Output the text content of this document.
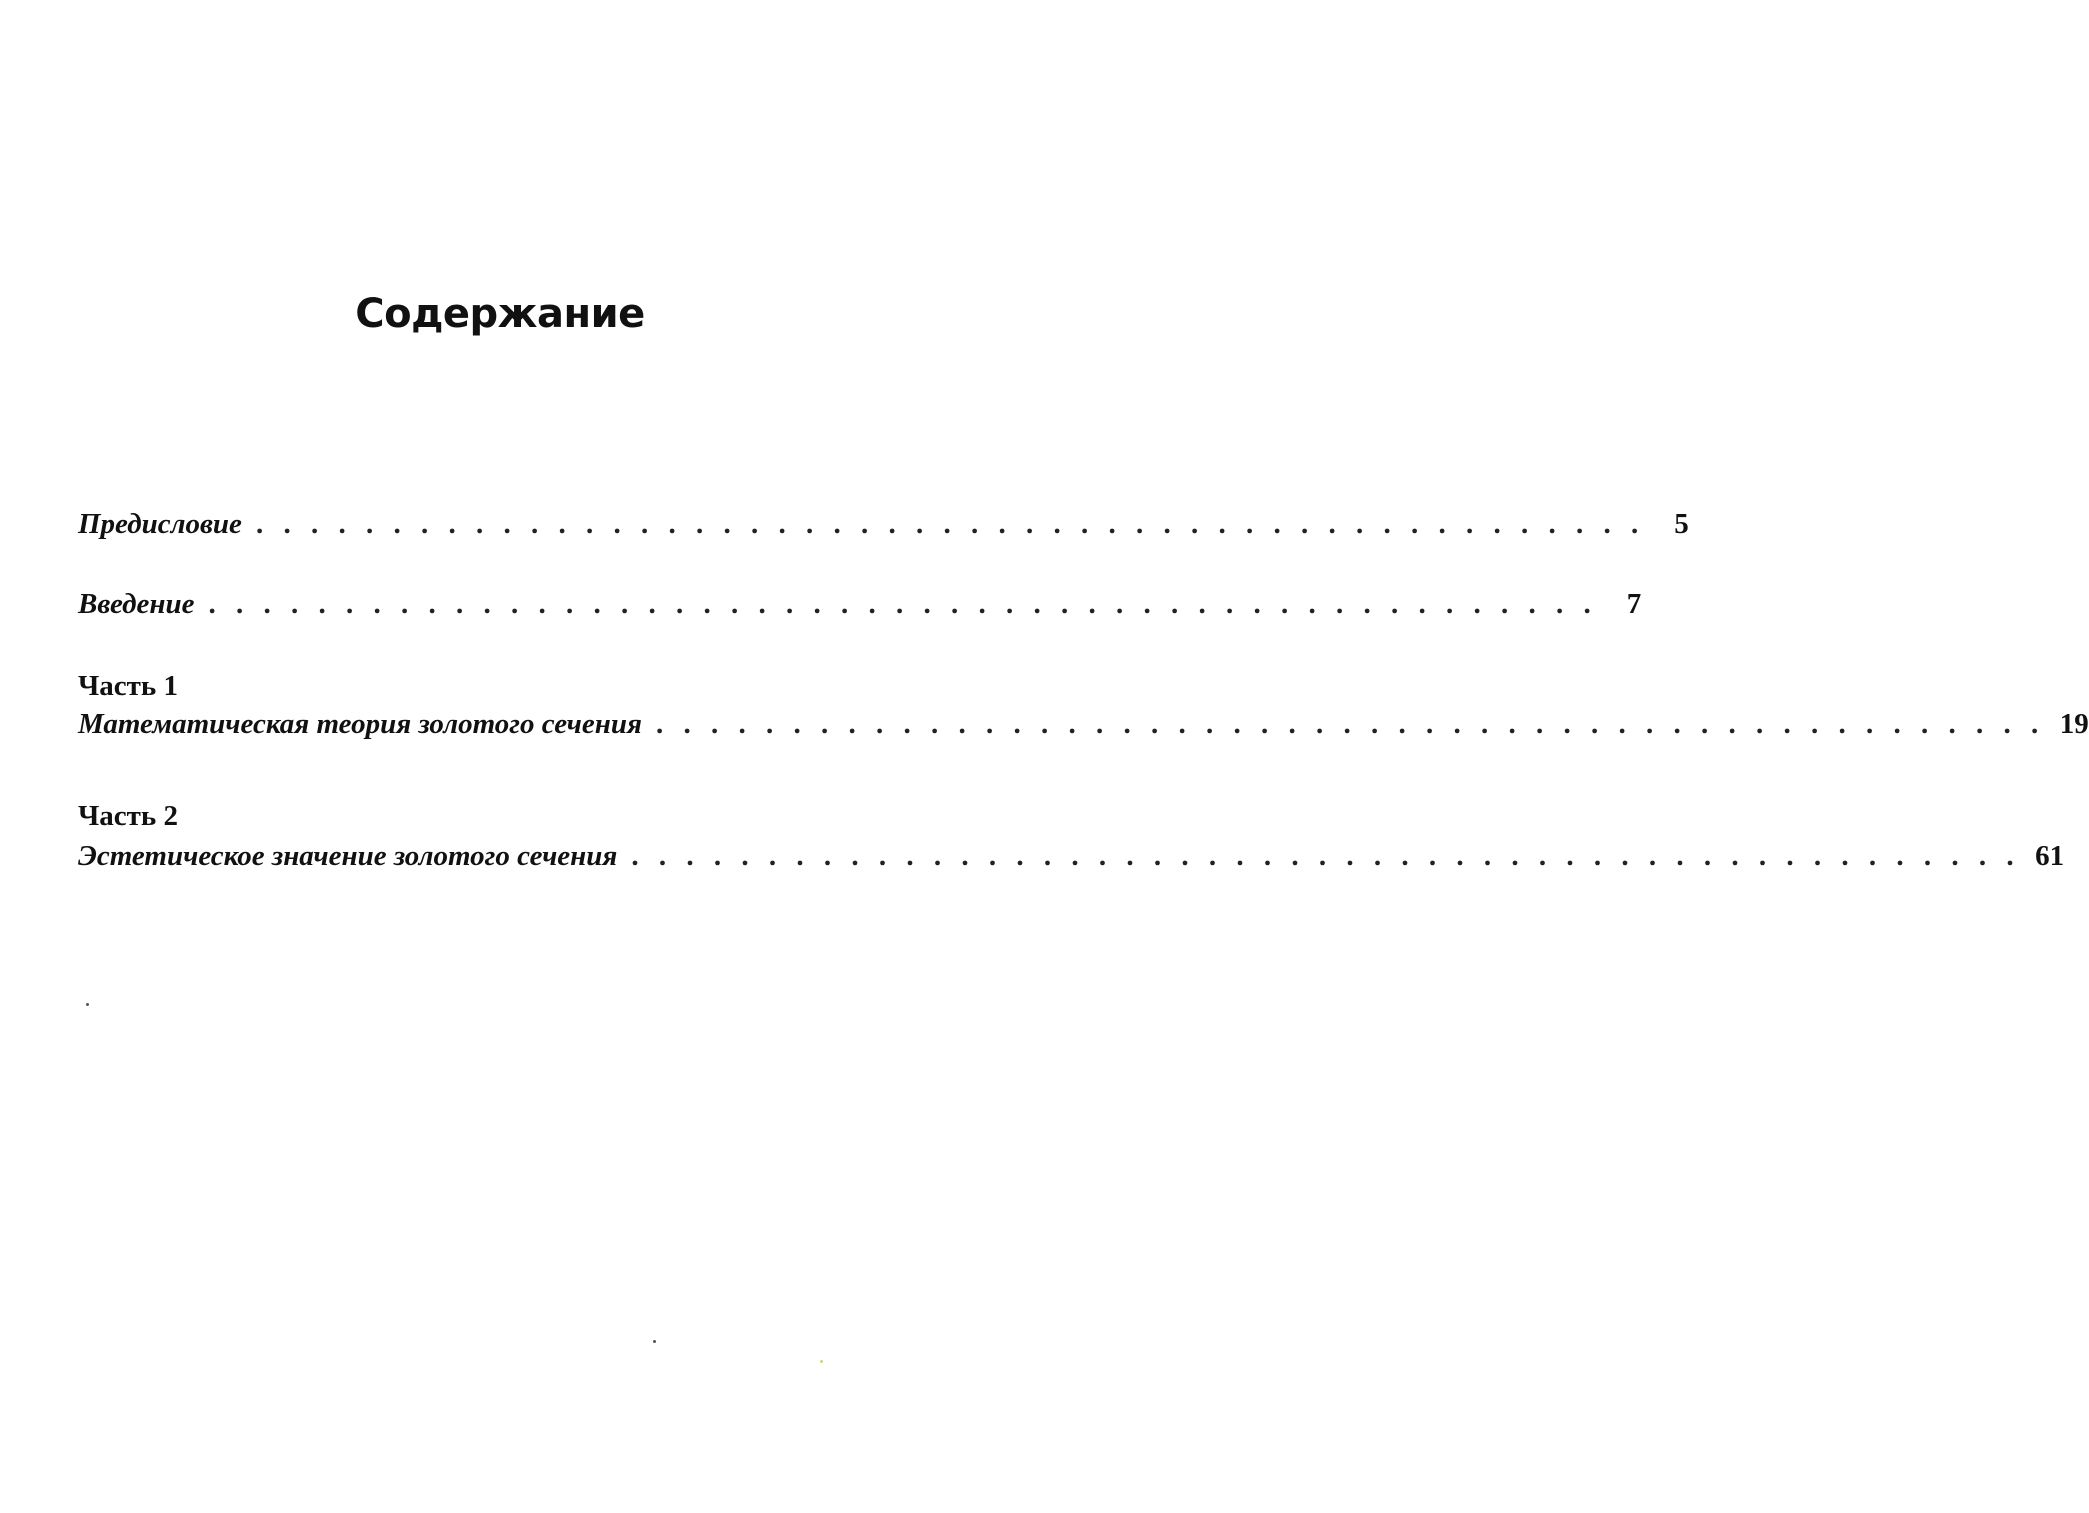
Содержание
Предисловие . . . . . . . . . . . . . . . . . . . . . . . . . . . . . . . . . . . . . . . . . . . . . . . . . . .	5
Введение . . . . . . . . . . . . . . . . . . . . . . . . . . . . . . . . . . . . . . . . . . . . . . . . . . .	7
Часть 1
Математическая теория золотого сечения . . . . . . . . . . . . . . . . . . . . . . . . . . . . . . . . . . . . . . . . . . . . . . . . . . . 19
Часть 2
Эстетическое значение золотого сечения . . . . . . . . . . . . . . . . . . . . . . . . . . . . . . . . . . . . . . . . . . . . . . . . . . . 61
